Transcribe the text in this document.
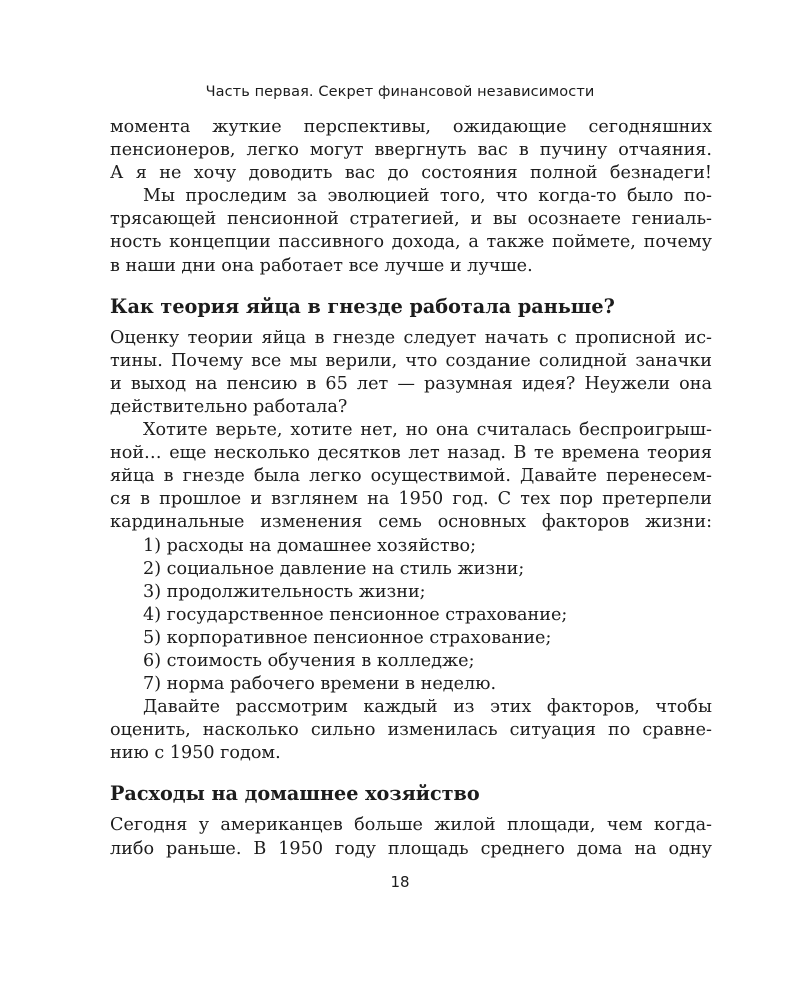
Часть первая. Секрет финансовой независимости
момента жуткие перспективы, ожидающие сегодняшних
пенсионеров, легко могут ввергнуть вас в пучину отчаяния.
А я не хочу доводить вас до состояния полной безнадеги!
Мы проследим за эволюцией того, что когда-то было по-
трясающей пенсионной стратегией, и вы осознаете гениаль-
ность концепции пассивного дохода, а также поймете, почему
в наши дни она работает все лучше и лучше.
Как теория яйца в гнезде работала раньше?
Оценку теории яйца в гнезде следует начать с прописной ис-
тины. Почему все мы верили, что создание солидной заначки
и выход на пенсию в 65 лет — разумная идея? Неужели она
действительно работала?
Хотите верьте, хотите нет, но она считалась беспроигрыш-
ной… еще несколько десятков лет назад. В те времена теория
яйца в гнезде была легко осуществимой. Давайте перенесем-
ся в прошлое и взглянем на 1950 год. С тех пор претерпели
кардинальные изменения семь основных факторов жизни:
1) расходы на домашнее хозяйство;
2) социальное давление на стиль жизни;
3) продолжительность жизни;
4) государственное пенсионное страхование;
5) корпоративное пенсионное страхование;
6) стоимость обучения в колледже;
7) норма рабочего времени в неделю.
Давайте рассмотрим каждый из этих факторов, чтобы
оценить, насколько сильно изменилась ситуация по сравне-
нию с 1950 годом.
Расходы на домашнее хозяйство
Сегодня у американцев больше жилой площади, чем когда-
либо раньше. В 1950 году площадь среднего дома на одну
18
